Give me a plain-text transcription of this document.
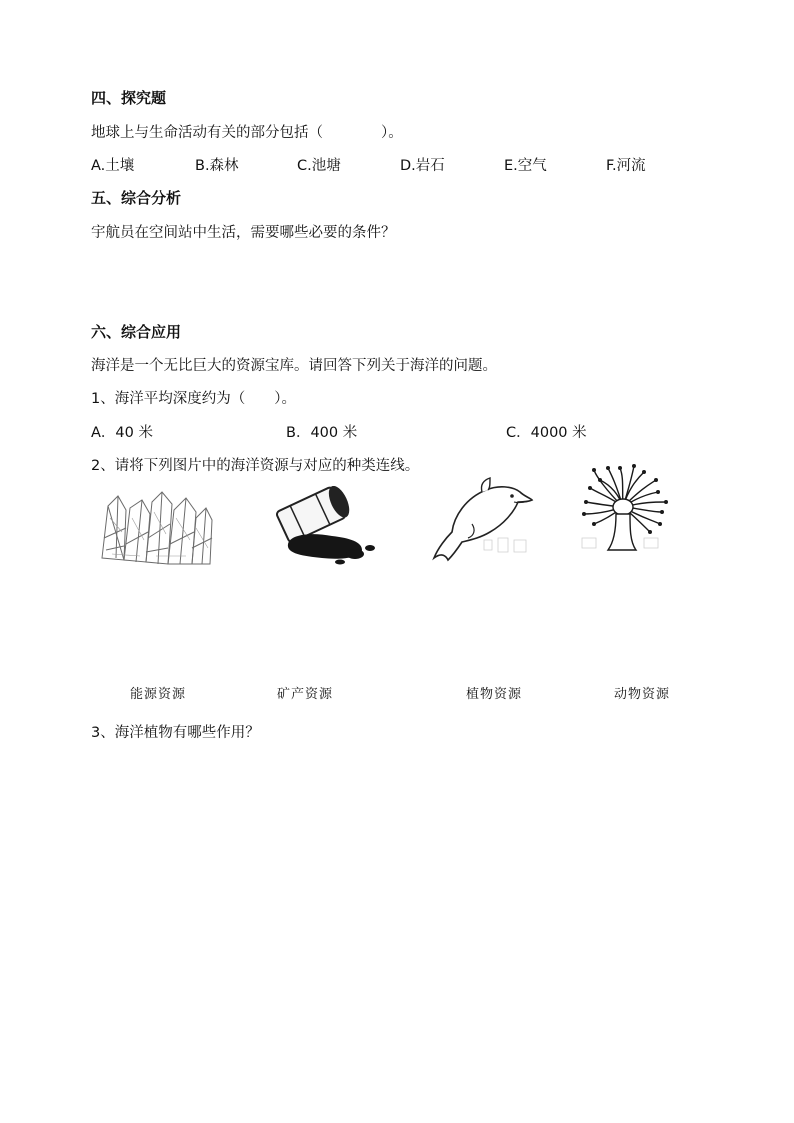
四、探究题
地球上与生命活动有关的部分包括（　　　　）。
A.土壤	B.森林	C.池塘	D.岩石	E.空气	F.河流
五、综合分析
宇航员在空间站中生活，需要哪些必要的条件？
六、综合应用
海洋是一个无比巨大的资源宝库。请回答下列关于海洋的问题。
1、海洋平均深度约为（　　）。
A．40 米	B．400 米	C．4000 米
2、请将下列图片中的海洋资源与对应的种类连线。
能源资源	矿产资源	植物资源	动物资源
3、海洋植物有哪些作用？
